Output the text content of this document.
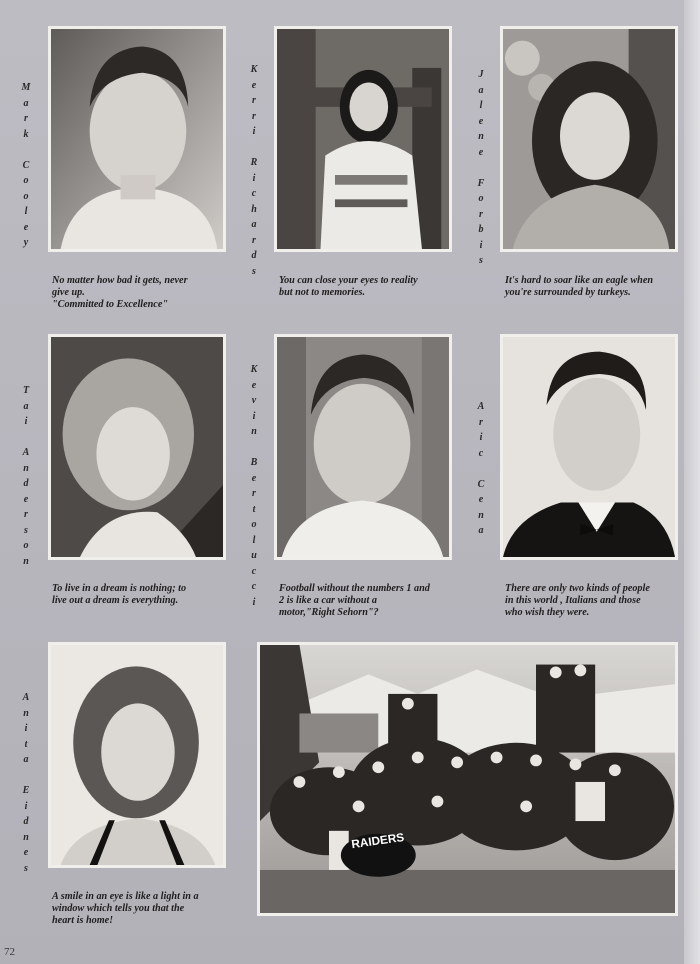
M
a
r
k

C
o
o
l
e
y

No matter how bad it gets, never
give up.
"Committed to Excellence"

K
e
r
r
i

R
i
c
h
a
r
d
s

You can close your eyes to reality
but not to memories.

J
a
l
e
n
e

F
o
r
b
i
s

It's hard to soar like an eagle when
you're surrounded by turkeys.

T
a
i

A
n
d
e
r
s
o
n

To live in a dream is nothing; to
live out a dream is everything.

K
e
v
i
n

B
e
r
t
o
l
u
c
c
i

Football without the numbers 1 and
2 is like a car without a
motor,"Right Sehorn"?

A
r
i
c

C
e
n
a

There are only two kinds of people
in this world , Italians and those
who wish they were.

A
n
i
t
a

E
i
d
n
e
s

A smile in an eye is like a light in a
window which tells you that the
heart is home!

RAIDERS
72
